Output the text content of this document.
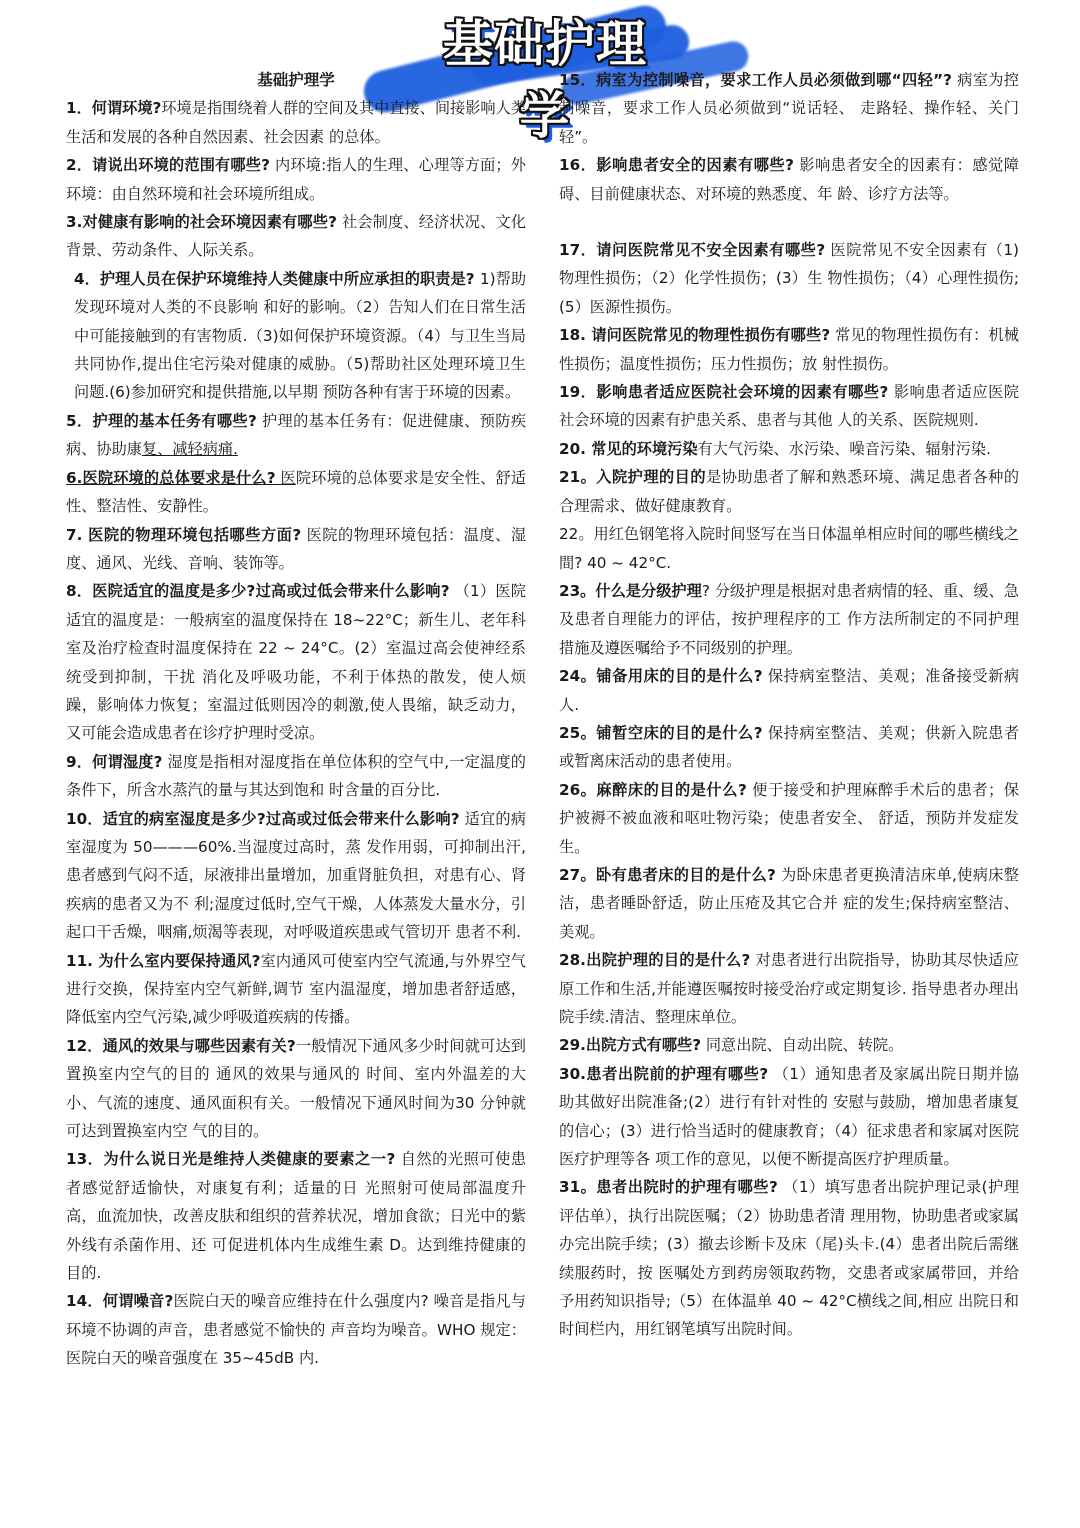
基础护理学
基础护理学

1．何谓环境?环境是指围绕着人群的空间及其中直接、间接影响人类生活和发展的各种自然因素、社会因素 的总体。

2．请说出环境的范围有哪些? 内环境:指人的生理、心理等方面；外环境：由自然环境和社会环境所组成。

3.对健康有影响的社会环境因素有哪些? 社会制度、经济状况、文化背景、劳动条件、人际关系。

4．护理人员在保护环境维持人类健康中所应承担的职责是? 1)帮助发现环境对人类的不良影响 和好的影响。（2）告知人们在日常生活中可能接触到的有害物质.（3)如何保护环境资源。（4）与卫生当局 共同协作,提出住宅污染对健康的威胁。（5)帮助社区处理环境卫生问题.(6)参加研究和提供措施,以早期 预防各种有害于环境的因素。

5．护理的基本任务有哪些? 护理的基本任务有：促进健康、预防疾病、协助康复、减轻病痛.

6.医院环境的总体要求是什么? 医院环境的总体要求是安全性、舒适性、整洁性、安静性。

7. 医院的物理环境包括哪些方面? 医院的物理环境包括：温度、湿度、通风、光线、音响、装饰等。

8．医院适宜的温度是多少?过高或过低会带来什么影响? （1）医院适宜的温度是：一般病室的温度保持在 18~22°C；新生儿、老年科室及治疗检查时温度保持在 22 ~ 24°C。(2）室温过高会使神经系统受到抑制，干扰 消化及呼吸功能，不利于体热的散发，使人烦躁，影响体力恢复；室温过低则因冷的刺激,使人畏缩，缺乏动力， 又可能会造成患者在诊疗护理时受凉。

9．何谓湿度? 湿度是指相对湿度指在单位体积的空气中,一定温度的条件下，所含水蒸汽的量与其达到饱和 时含量的百分比.

10．适宜的病室湿度是多少?过高或过低会带来什么影响? 适宜的病室湿度为 50———60%.当湿度过高时，蒸 发作用弱，可抑制出汗,患者感到气闷不适，尿液排出量增加，加重肾脏负担，对患有心、肾疾病的患者又为不 利;湿度过低时,空气干燥，人体蒸发大量水分，引起口干舌燥，咽痛,烦渴等表现，对呼吸道疾患或气管切开 患者不利.

11. 为什么室内要保持通风?室内通风可使室内空气流通,与外界空气进行交换，保持室内空气新鲜,调节 室内温湿度，增加患者舒适感，降低室内空气污染,减少呼吸道疾病的传播。

12．通风的效果与哪些因素有关?一般情况下通风多少时间就可达到置换室内空气的目的 通风的效果与通风的 时间、室内外温差的大小、气流的速度、通风面积有关。一般情况下通风时间为30 分钟就可达到置换室内空 气的目的。

13．为什么说日光是维持人类健康的要素之一? 自然的光照可使患者感觉舒适愉快，对康复有利；适量的日 光照射可使局部温度升高，血流加快，改善皮肤和组织的营养状况，增加食欲；日光中的紫外线有杀菌作用、还 可促进机体内生成维生素 D。达到维持健康的目的.

14．何谓噪音?医院白天的噪音应维持在什么强度内? 噪音是指凡与环境不协调的声音，患者感觉不愉快的 声音均为噪音。WHO 规定：医院白天的噪音强度在 35~45dB 内.

15．病室为控制噪音，要求工作人员必须做到哪“四轻”? 病室为控制噪音，要求工作人员必须做到“说话轻、 走路轻、操作轻、关门轻”。

16．影响患者安全的因素有哪些? 影响患者安全的因素有：感觉障碍、目前健康状态、对环境的熟悉度、年 龄、诊疗方法等。

17．请问医院常见不安全因素有哪些? 医院常见不安全因素有（1)物理性损伤；（2）化学性损伤；(3）生 物性损伤；（4）心理性损伤;(5）医源性损伤。

18. 请问医院常见的物理性损伤有哪些? 常见的物理性损伤有：机械性损伤；温度性损伤；压力性损伤；放 射性损伤。

19．影响患者适应医院社会环境的因素有哪些? 影响患者适应医院社会环境的因素有护患关系、患者与其他 人的关系、医院规则.

20. 常见的环境污染有大气污染、水污染、噪音污染、辐射污染.

21。入院护理的目的是协助患者了解和熟悉环境、满足患者各种的合理需求、做好健康教育。

22。用红色钢笔将入院时间竖写在当日体温单相应时间的哪些横线之間? 40 ~ 42°C.

23。什么是分级护理? 分级护理是根据对患者病情的轻、重、缓、急及患者自理能力的评估，按护理程序的工 作方法所制定的不同护理措施及遵医嘱给予不同级别的护理。

24。铺备用床的目的是什么? 保持病室整洁、美观；准备接受新病人.

25。铺暂空床的目的是什么? 保持病室整洁、美观；供新入院患者或暂离床活动的患者使用。

26。麻醉床的目的是什么? 便于接受和护理麻醉手术后的患者；保护被褥不被血液和呕吐物污染；使患者安全、 舒适，预防并发症发生。

27。卧有患者床的目的是什么? 为卧床患者更换清洁床单,使病床整洁，患者睡卧舒适，防止压疮及其它合并 症的发生;保持病室整洁、美观。

28.出院护理的目的是什么? 对患者进行出院指导，协助其尽快适应原工作和生活,并能遵医嘱按时接受治疗或定期复诊. 指导患者办理出院手续.清洁、整理床单位。

29.出院方式有哪些? 同意出院、自动出院、转院。

30.患者出院前的护理有哪些? （1）通知患者及家属出院日期并協助其做好出院准备;(2）进行有针对性的 安慰与鼓励，增加患者康复的信心；(3）进行恰当适时的健康教育；（4）征求患者和家属对医院医疗护理等各 项工作的意见，以便不断提高医疗护理质量。

31。患者出院时的护理有哪些? （1）填写患者出院护理记录(护理评估单），执行出院医嘱；（2）协助患者清 理用物，协助患者或家属办完出院手续；(3）撤去诊断卡及床（尾)头卡.(4）患者出院后需继续服药时，按 医嘱处方到药房领取药物，交患者或家属带回，并给予用药知识指导;（5）在体温单 40 ~ 42°C横线之间,相应 出院日和时间栏内，用红钢笔填写出院时间。
